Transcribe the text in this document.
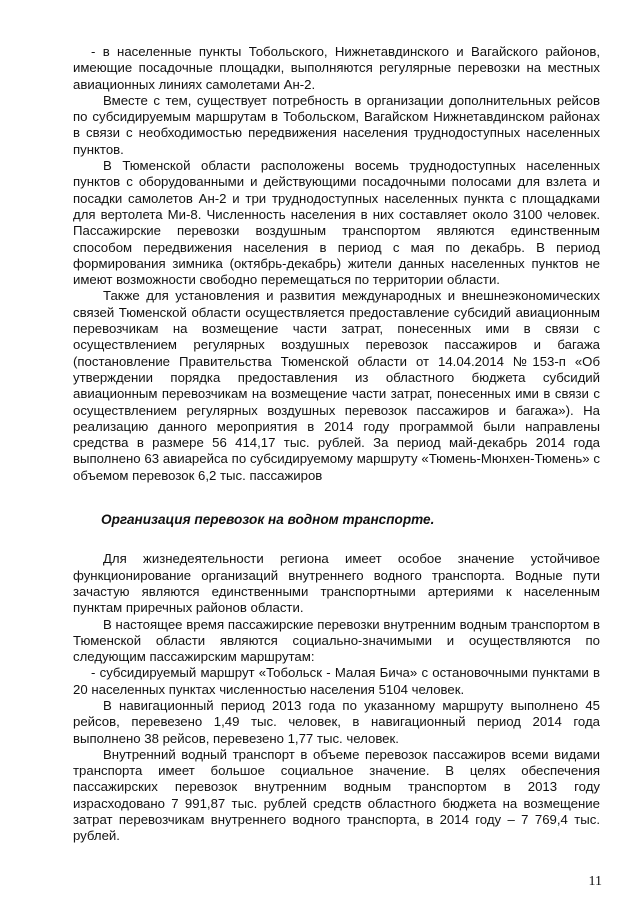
- в населенные пункты Тобольского, Нижнетавдинского и Вагайского районов, имеющие посадочные площадки, выполняются регулярные перевозки на местных авиационных линиях самолетами Ан-2.

Вместе с тем, существует потребность в организации дополнительных рейсов по субсидируемым маршрутам в Тобольском, Вагайском Нижнетавдинском районах в связи с необходимостью передвижения населения труднодоступных населенных пунктов.

В Тюменской области расположены восемь труднодоступных населенных пунктов с оборудованными и действующими посадочными полосами для взлета и посадки самолетов Ан-2 и три труднодоступных населенных пункта с площадками для вертолета Ми-8. Численность населения в них составляет около 3100 человек. Пассажирские перевозки воздушным транспортом являются единственным способом передвижения населения в период с мая по декабрь. В период формирования зимника (октябрь-декабрь) жители данных населенных пунктов не имеют возможности свободно перемещаться по территории области.

Также для установления и развития международных и внешнеэкономических связей Тюменской области осуществляется предоставление субсидий авиационным перевозчикам на возмещение части затрат, понесенных ими в связи с осуществлением регулярных воздушных перевозок пассажиров и багажа (постановление Правительства Тюменской области от 14.04.2014 №153-п «Об утверждении порядка предоставления из областного бюджета субсидий авиационным перевозчикам на возмещение части затрат, понесенных ими в связи с осуществлением регулярных воздушных перевозок пассажиров и багажа»). На реализацию данного мероприятия в 2014 году программой были направлены средства в размере 56 414,17 тыс. рублей. За период май-декабрь 2014 года выполнено 63 авиарейса по субсидируемому маршруту «Тюмень-Мюнхен-Тюмень» с объемом перевозок 6,2 тыс. пассажиров

Организация перевозок на водном транспорте.

Для жизнедеятельности региона имеет особое значение устойчивое функционирование организаций внутреннего водного транспорта. Водные пути зачастую являются единственными транспортными артериями к населенным пунктам приречных районов области.

В настоящее время пассажирские перевозки внутренним водным транспортом в Тюменской области являются социально-значимыми и осуществляются по следующим пассажирским маршрутам:

- субсидируемый маршрут «Тобольск - Малая Бича» с остановочными пунктами в 20 населенных пунктах численностью населения 5104 человек.

В навигационный период 2013 года по указанному маршруту выполнено 45 рейсов, перевезено 1,49 тыс. человек, в навигационный период 2014 года выполнено 38 рейсов, перевезено 1,77 тыс. человек.

Внутренний водный транспорт в объеме перевозок пассажиров всеми видами транспорта имеет большое социальное значение. В целях обеспечения пассажирских перевозок внутренним водным транспортом в 2013 году израсходовано 7 991,87 тыс. рублей средств областного бюджета на возмещение затрат перевозчикам внутреннего водного транспорта, в 2014 году – 7 769,4 тыс. рублей.

11
